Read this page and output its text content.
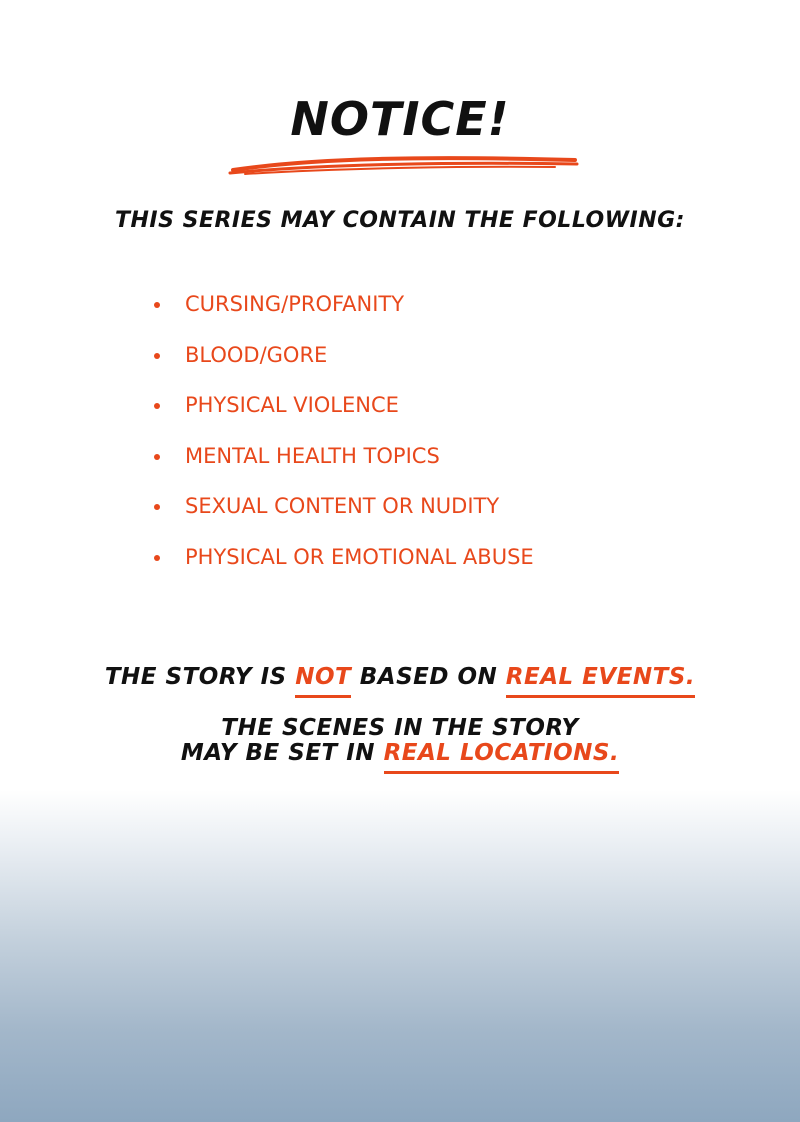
NOTICE!
THIS SERIES MAY CONTAIN THE FOLLOWING:
CURSING/PROFANITY
BLOOD/GORE
PHYSICAL VIOLENCE
MENTAL HEALTH TOPICS
SEXUAL CONTENT OR NUDITY
PHYSICAL OR EMOTIONAL ABUSE
THE STORY IS NOT BASED ON REAL EVENTS.
THE SCENES IN THE STORY
MAY BE SET IN REAL LOCATIONS.
